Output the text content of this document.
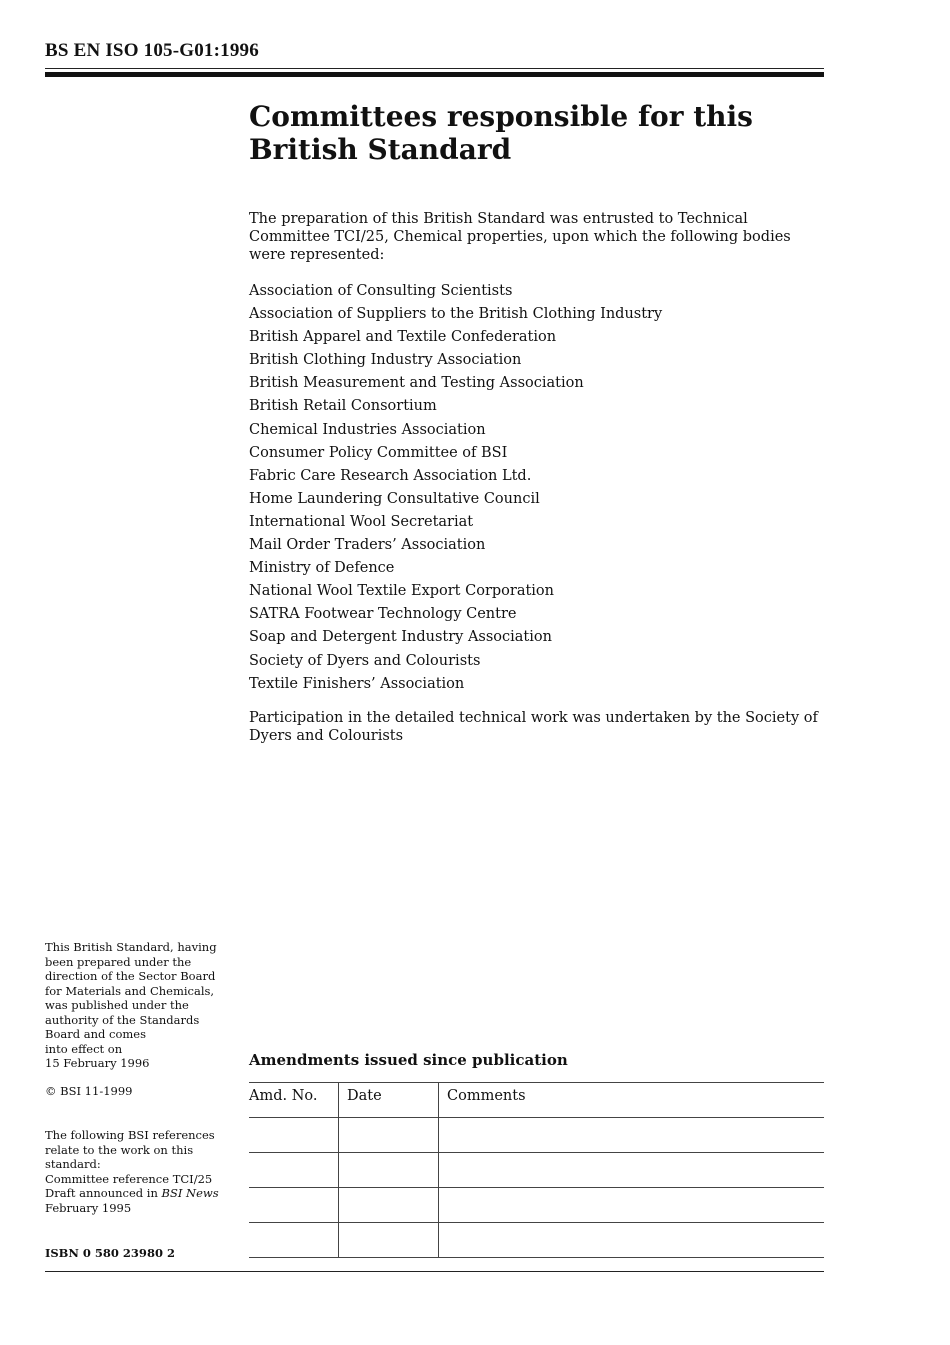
BS EN ISO 105-G01:1996
Committees responsible for this
British Standard

The preparation of this British Standard was entrusted to Technical Committee TCI/25, Chemical properties, upon which the following bodies were represented:

Association of Consulting Scientists
Association of Suppliers to the British Clothing Industry
British Apparel and Textile Confederation
British Clothing Industry Association
British Measurement and Testing Association
British Retail Consortium
Chemical Industries Association
Consumer Policy Committee of BSI
Fabric Care Research Association Ltd.
Home Laundering Consultative Council
International Wool Secretariat
Mail Order Traders’ Association
Ministry of Defence
National Wool Textile Export Corporation
SATRA Footwear Technology Centre
Soap and Detergent Industry Association
Society of Dyers and Colourists
Textile Finishers’ Association

Participation in the detailed technical work was undertaken by the Society of Dyers and Colourists

This British Standard, having
been prepared under the
direction of the Sector Board
for Materials and Chemicals,
was published under the
authority of the Standards
Board and comes
into effect on
15 February 1996
© BSI 11-1999
The following BSI references
relate to the work on this
standard:
Committee reference TCI/25
Draft announced in BSI News
February 1995
ISBN 0 580 23980 2
Amendments issued since publication
Amd. No.	Date	Comments
